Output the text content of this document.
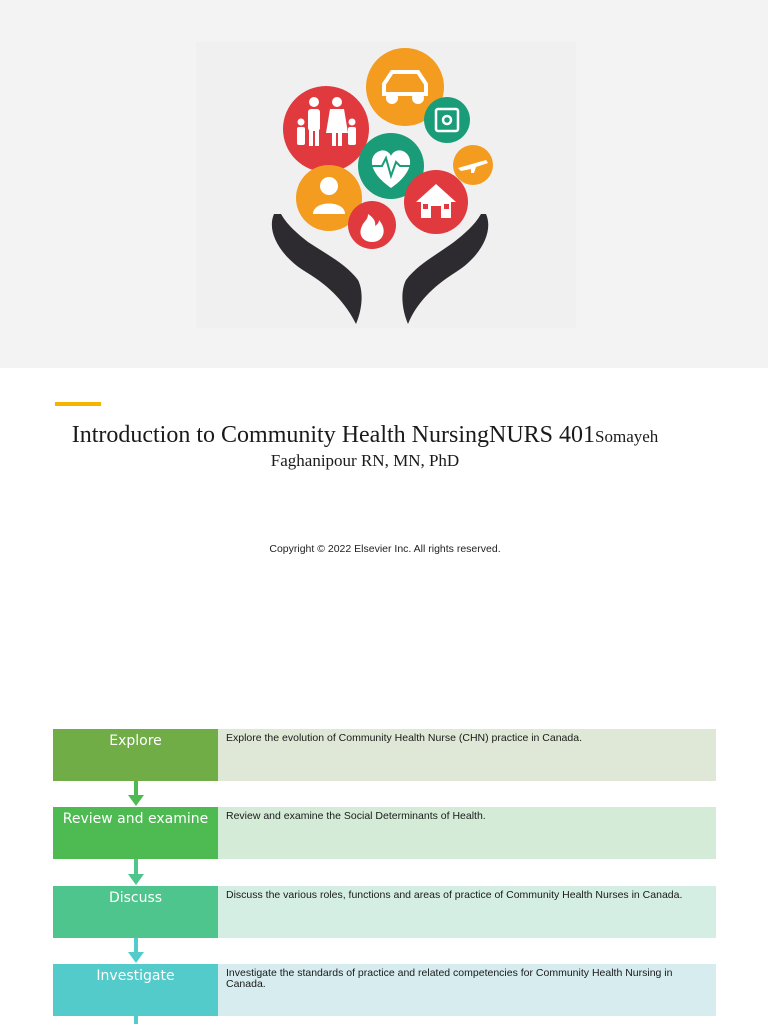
Introduction to Community Health NursingNURS 401Somayeh
Faghanipour RN, MN, PhD
Copyright © 2022 Elsevier Inc. All rights reserved.
Explore	Explore the evolution of Community Health Nurse (CHN) practice in Canada.
Review and examine	Review and examine the Social Determinants of Health.
Discuss	Discuss the various roles, functions and areas of practice of Community Health Nurses in Canada.
Investigate	Investigate the standards of practice and related competencies for Community Health Nursing in Canada.
